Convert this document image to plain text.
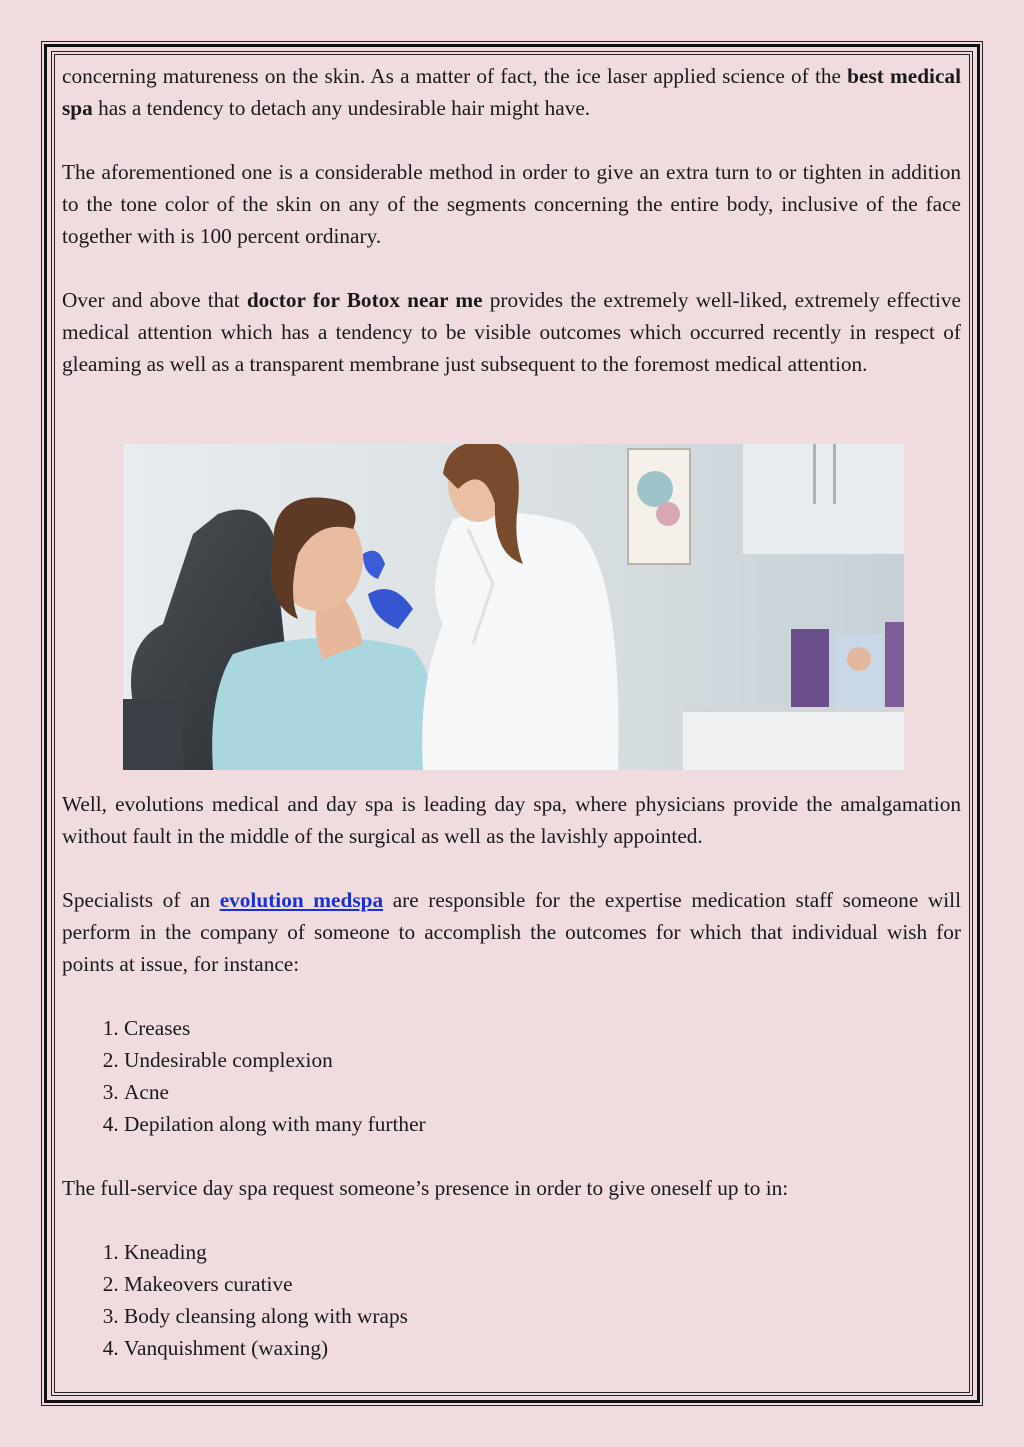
concerning matureness on the skin. As a matter of fact, the ice laser applied science of the best medical spa has a tendency to detach any undesirable hair might have.

The aforementioned one is a considerable method in order to give an extra turn to or tighten in addition to the tone color of the skin on any of the segments concerning the entire body, inclusive of the face together with is 100 percent ordinary.

Over and above that doctor for Botox near me provides the extremely well-liked, extremely effective medical attention which has a tendency to be visible outcomes which occurred recently in respect of gleaming as well as a transparent membrane just subsequent to the foremost medical attention.

Well, evolutions medical and day spa is leading day spa, where physicians provide the amalgamation without fault in the middle of the surgical as well as the lavishly appointed.

Specialists of an evolution medspa are responsible for the expertise medication staff someone will perform in the company of someone to accomplish the outcomes for which that individual wish for points at issue, for instance:

1. Creases
2. Undesirable complexion
3. Acne
4. Depilation along with many further

The full-service day spa request someone’s presence in order to give oneself up to in:

1. Kneading
2. Makeovers curative
3. Body cleansing along with wraps
4. Vanquishment (waxing)
